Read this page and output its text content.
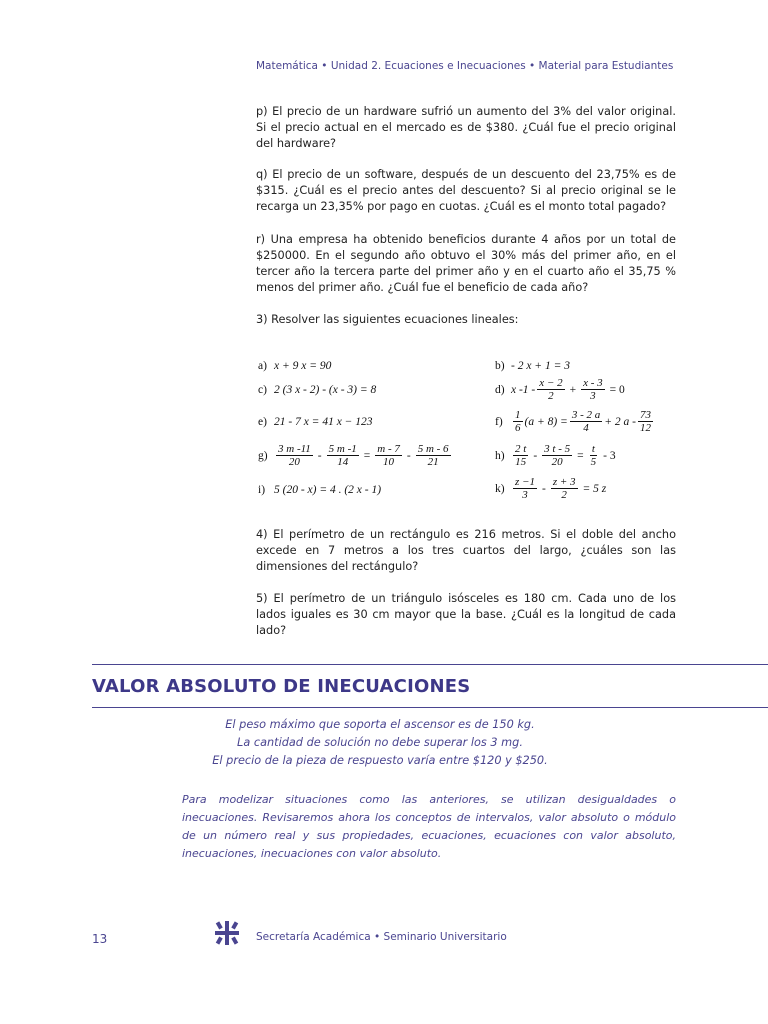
Matemática • Unidad 2. Ecuaciones e Inecuaciones • Material para Estudiantes

p) El precio de un hardware sufrió un aumento del 3% del valor original. Si el precio actual en el mercado es de $380. ¿Cuál fue el precio original del hardware?

q) El precio de un software, después de un descuento del 23,75% es de $315. ¿Cuál es el precio antes del descuento? Si al precio original se le recarga un 23,35% por pago en cuotas. ¿Cuál es el monto total pagado?

r) Una empresa ha obtenido beneficios durante 4 años por un total de $250000. En el segundo año obtuvo el 30% más del primer año, en el tercer año la tercera parte del primer año y en el cuarto año el 35,75 % menos del primer año. ¿Cuál fue el beneficio de cada año?

3) Resolver las siguientes ecuaciones lineales:

a) x + 9 x = 90	b) - 2 x + 1 = 3
c) 2 (3 x - 2) - (x - 3) = 8	d) x $-1 - \frac{x - 2}{2} + \frac{x - 3}{3} = 0$
e) 21 - 7 x = 41 x − 123	$f) \frac{1}{6} (a + 8) = \frac{3 - 2 a}{4} + 2$ a - $\frac{73}{12}$
$g) \frac{3 m -11}{20} - \frac{5 m -1}{14} = \frac{m - 7}{10} - \frac{5 m - 6}{21}$	$h) \frac{2 t}{15} - \frac{3 t - 5}{20} = \frac{t}{5} - 3$
i) 5 (20 - x) = 4 . (2 x - 1)	$k) \frac{z -1}{3} - \frac{z + 3}{2} = 5$ z

4) El perímetro de un rectángulo es 216 metros. Si el doble del ancho excede en 7 metros a los tres cuartos del largo, ¿cuáles son las dimensiones del rectángulo?

5) El perímetro de un triángulo isósceles es 180 cm. Cada uno de los lados iguales es 30 cm mayor que la base. ¿Cuál es la longitud de cada lado?

VALOR ABSOLUTO DE INECUACIONES
El peso máximo que soporta el ascensor es de 150 kg.
La cantidad de solución no debe superar los 3 mg.
El precio de la pieza de respuesto varía entre $120 y $250.

Para modelizar situaciones como las anteriores, se utilizan desigualdades o inecuaciones. Revisaremos ahora los conceptos de intervalos, valor absoluto o módulo de un número real y sus propiedades, ecuaciones, ecuaciones con valor absoluto, inecuaciones, inecuaciones con valor absoluto.

13	Secretaría Académica • Seminario Universitario
